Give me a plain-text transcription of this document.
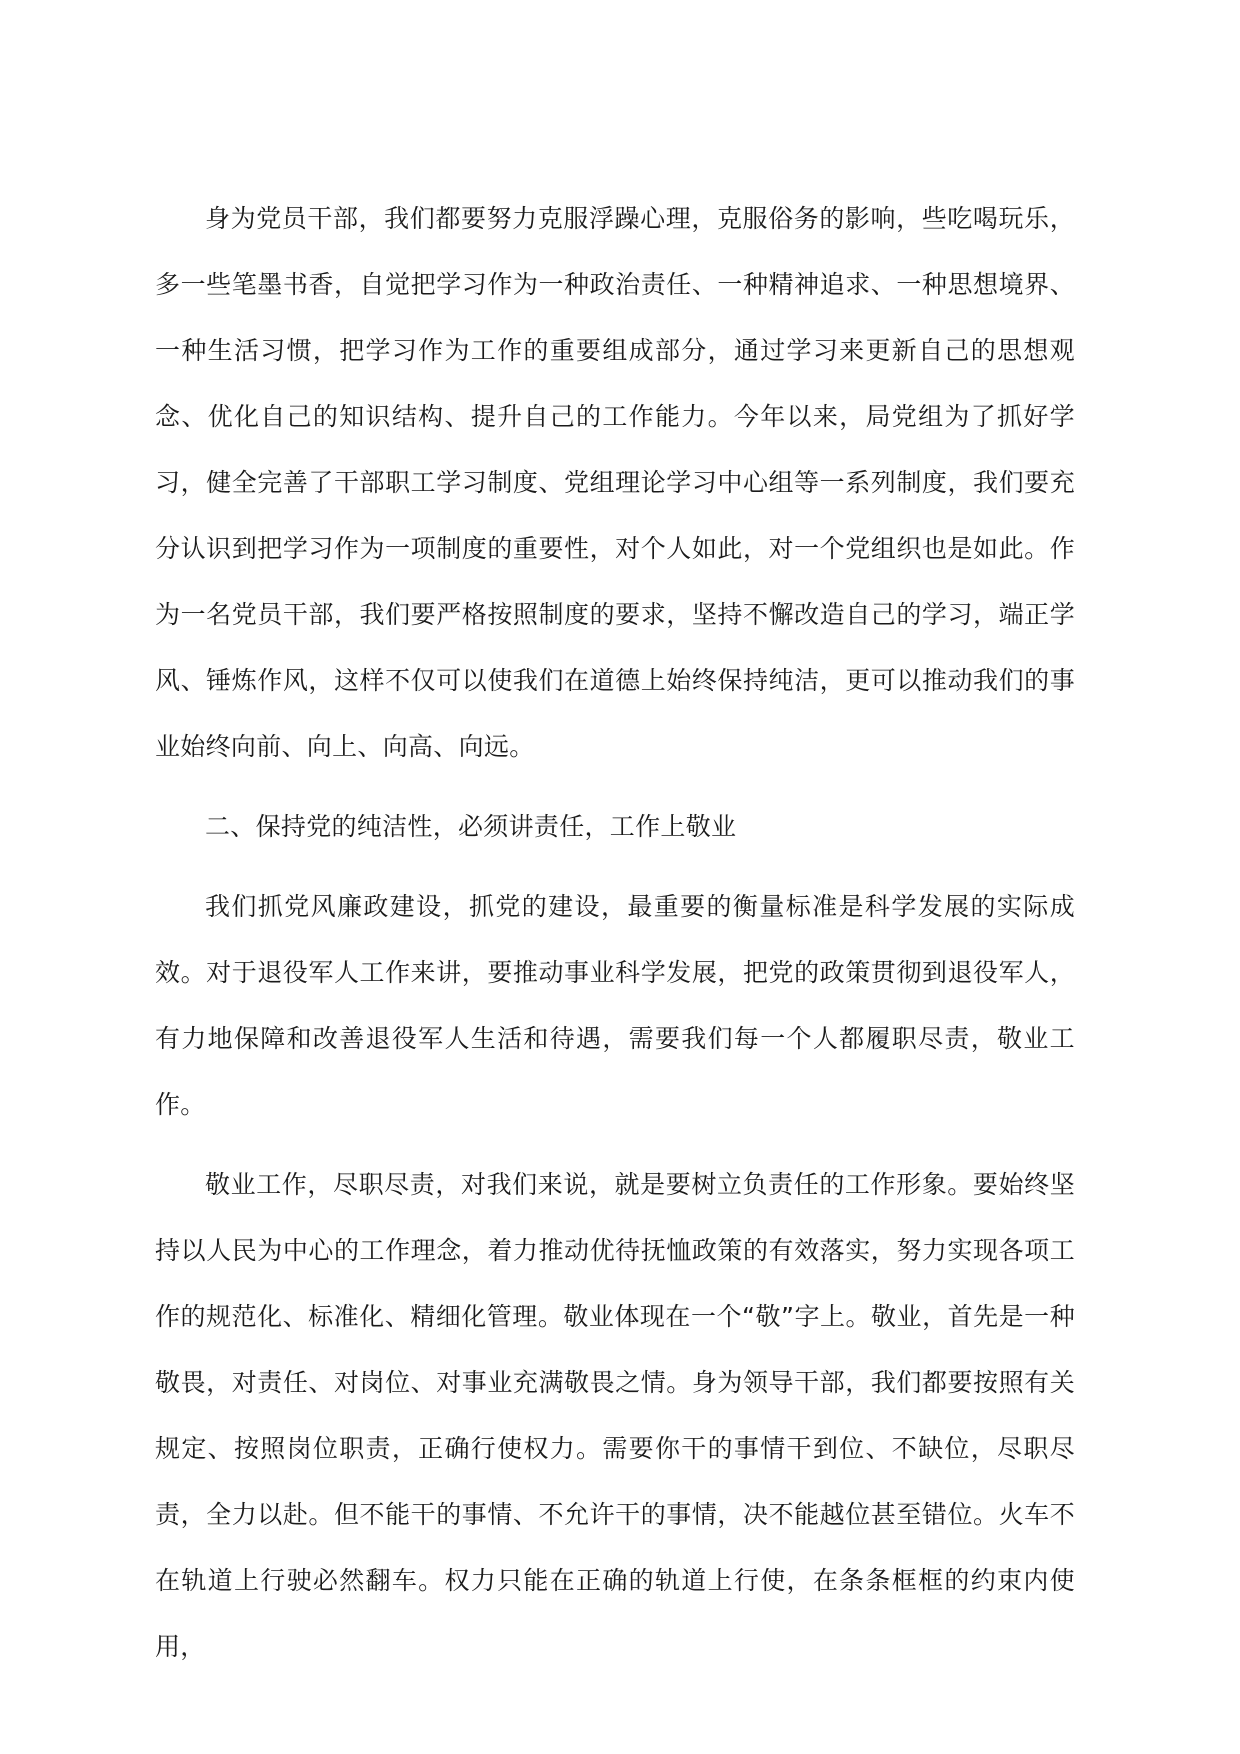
身为党员干部，我们都要努力克服浮躁心理，克服俗务的影响，些吃喝玩乐，多一些笔墨书香，自觉把学习作为一种政治责任、一种精神追求、一种思想境界、一种生活习惯，把学习作为工作的重要组成部分，通过学习来更新自己的思想观念、优化自己的知识结构、提升自己的工作能力。今年以来，局党组为了抓好学习，健全完善了干部职工学习制度、党组理论学习中心组等一系列制度，我们要充分认识到把学习作为一项制度的重要性，对个人如此，对一个党组织也是如此。作为一名党员干部，我们要严格按照制度的要求，坚持不懈改造自己的学习，端正学风、锤炼作风，这样不仅可以使我们在道德上始终保持纯洁，更可以推动我们的事业始终向前、向上、向高、向远。

二、保持党的纯洁性，必须讲责任，工作上敬业

我们抓党风廉政建设，抓党的建设，最重要的衡量标准是科学发展的实际成效。对于退役军人工作来讲，要推动事业科学发展，把党的政策贯彻到退役军人，有力地保障和改善退役军人生活和待遇，需要我们每一个人都履职尽责，敬业工作。

敬业工作，尽职尽责，对我们来说，就是要树立负责任的工作形象。要始终坚持以人民为中心的工作理念，着力推动优待抚恤政策的有效落实，努力实现各项工作的规范化、标准化、精细化管理。敬业体现在一个“敬”字上。敬业，首先是一种敬畏，对责任、对岗位、对事业充满敬畏之情。身为领导干部，我们都要按照有关规定、按照岗位职责，正确行使权力。需要你干的事情干到位、不缺位，尽职尽责，全力以赴。但不能干的事情、不允许干的事情，决不能越位甚至错位。火车不在轨道上行驶必然翻车。权力只能在正确的轨道上行使，在条条框框的约束内使用，
